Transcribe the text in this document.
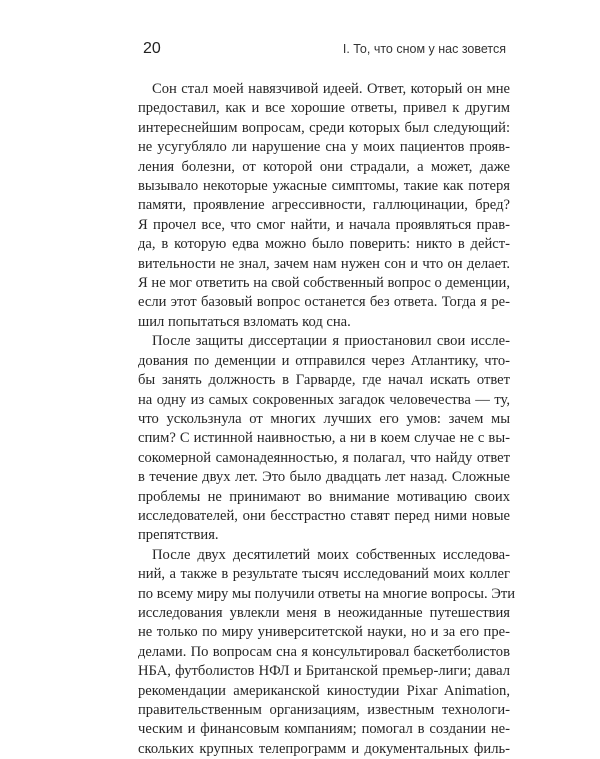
20	I. То, что сном у нас зовется

Сон стал моей навязчивой идеей. Ответ, который он мне
предоставил, как и все хорошие ответы, привел к другим
интереснейшим вопросам, среди которых был следующий:
не усугубляло ли нарушение сна у моих пациентов прояв-
ления болезни, от которой они страдали, а может, даже
вызывало некоторые ужасные симптомы, такие как потеря
памяти, проявление агрессивности, галлюцинации, бред?
Я прочел все, что смог найти, и начала проявляться прав-
да, в которую едва можно было поверить: никто в дейст-
вительности не знал, зачем нам нужен сон и что он делает.
Я не мог ответить на свой собственный вопрос о деменции,
если этот базовый вопрос останется без ответа. Тогда я ре-
шил попытаться взломать код сна.

После защиты диссертации я приостановил свои иссле-
дования по деменции и отправился через Атлантику, что-
бы занять должность в Гарварде, где начал искать ответ
на одну из самых сокровенных загадок человечества — ту,
что ускользнула от многих лучших его умов: зачем мы
спим? С истинной наивностью, а ни в коем случае не с вы-
сокомерной самонадеянностью, я полагал, что найду ответ
в течение двух лет. Это было двадцать лет назад. Сложные
проблемы не принимают во внимание мотивацию своих
исследователей, они бесстрастно ставят перед ними новые
препятствия.

После двух десятилетий моих собственных исследова-
ний, а также в результате тысяч исследований моих коллег
по всему миру мы получили ответы на многие вопросы. Эти
исследования увлекли меня в неожиданные путешествия
не только по миру университетской науки, но и за его пре-
делами. По вопросам сна я консультировал баскетболистов
НБА, футболистов НФЛ и Британской премьер-лиги; давал
рекомендации американской киностудии Pixar Animation,
правительственным организациям, известным технологи-
ческим и финансовым компаниям; помогал в создании не-
скольких крупных телепрограмм и документальных филь-
